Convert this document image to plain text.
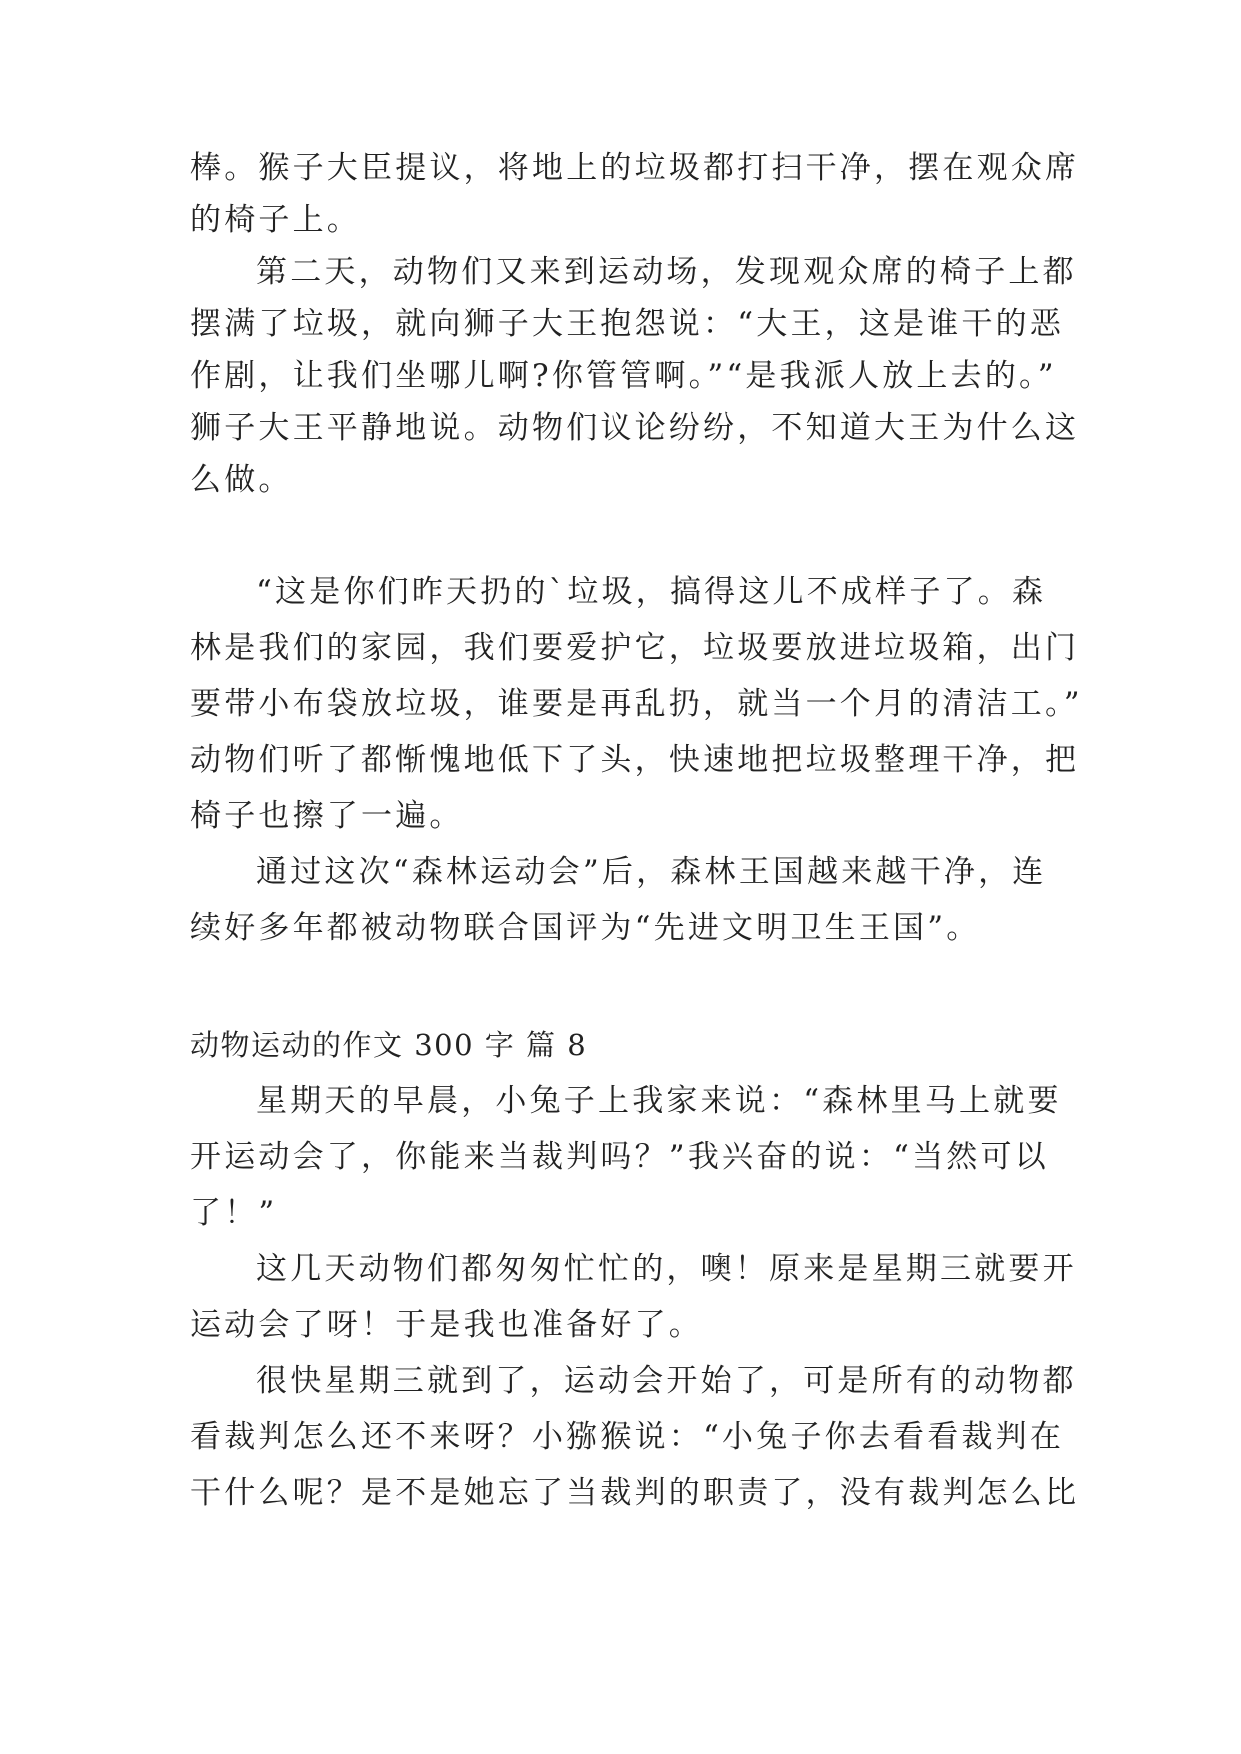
棒。猴子大臣提议，将地上的垃圾都打扫干净，摆在观众席
的椅子上。
第二天，动物们又来到运动场，发现观众席的椅子上都
摆满了垃圾，就向狮子大王抱怨说：“大王，这是谁干的恶
作剧，让我们坐哪儿啊?你管管啊。”“是我派人放上去的。”
狮子大王平静地说。动物们议论纷纷，不知道大王为什么这
么做。
“这是你们昨天扔的`垃圾，搞得这儿不成样子了。森
林是我们的家园，我们要爱护它，垃圾要放进垃圾箱，出门
要带小布袋放垃圾，谁要是再乱扔，就当一个月的清洁工。”
动物们听了都惭愧地低下了头，快速地把垃圾整理干净，把
椅子也擦了一遍。
通过这次“森林运动会”后，森林王国越来越干净，连
续好多年都被动物联合国评为“先进文明卫生王国”。
动物运动的作文 300 字 篇 8
星期天的早晨，小兔子上我家来说：“森林里马上就要
开运动会了，你能来当裁判吗？”我兴奋的说：“当然可以
了！”
这几天动物们都匆匆忙忙的，噢！原来是星期三就要开
运动会了呀！于是我也准备好了。
很快星期三就到了，运动会开始了，可是所有的动物都
看裁判怎么还不来呀？小猕猴说：“小兔子你去看看裁判在
干什么呢？是不是她忘了当裁判的职责了，没有裁判怎么比
